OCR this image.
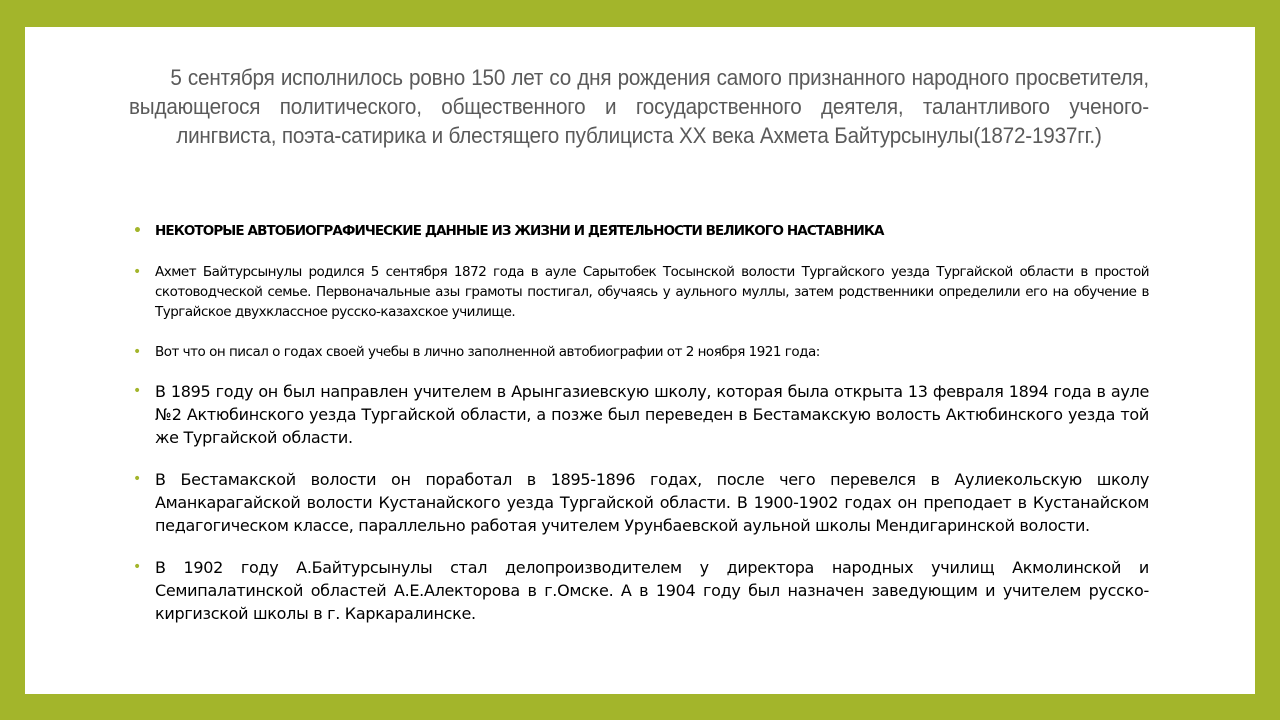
5 сентября исполнилось ровно 150 лет со дня рождения самого признанного народного просветителя, выдающегося политического, общественного и государственного деятеля, талантливого ученого-лингвиста, поэта-сатирика и блестящего публициста XX века Ахмета Байтурсынулы(1872-1937гг.)
• НЕКОТОРЫЕ АВТОБИОГРАФИЧЕСКИЕ ДАННЫЕ ИЗ ЖИЗНИ И ДЕЯТЕЛЬНОСТИ ВЕЛИКОГО НАСТАВНИКА
• Ахмет Байтурсынулы родился 5 сентября 1872 года в ауле Сарытобек Тосынской волости Тургайского уезда Тургайской области в простой скотоводческой семье. Первоначальные азы грамоты постигал, обучаясь у аульного муллы, затем родственники определили его на обучение в Тургайское двухклассное русско-казахское училище.
• Вот что он писал о годах своей учебы в лично заполненной автобиографии от 2 ноября 1921 года:
• В 1895 году он был направлен учителем в Арынгазиевскую школу, которая была открыта 13 февраля 1894 года в ауле №2 Актюбинского уезда Тургайской области, а позже был переведен в Бестамакскую волость Актюбинского уезда той же Тургайской области.
• В Бестамакской волости он поработал в 1895-1896 годах, после чего перевелся в Аулиекольскую школу Аманкарагайской волости Кустанайского уезда Тургайской области. В 1900-1902 годах он преподает в Кустанайском педагогическом классе, параллельно работая учителем Урунбаевской аульной школы Мендигаринской волости.
• В 1902 году А.Байтурсынулы стал делопроизводителем у директора народных училищ Акмолинской и Семипалатинской областей А.Е.Алекторова в г.Омске. А в 1904 году был назначен заведующим и учителем русско-киргизской школы в г. Каркаралинске.
